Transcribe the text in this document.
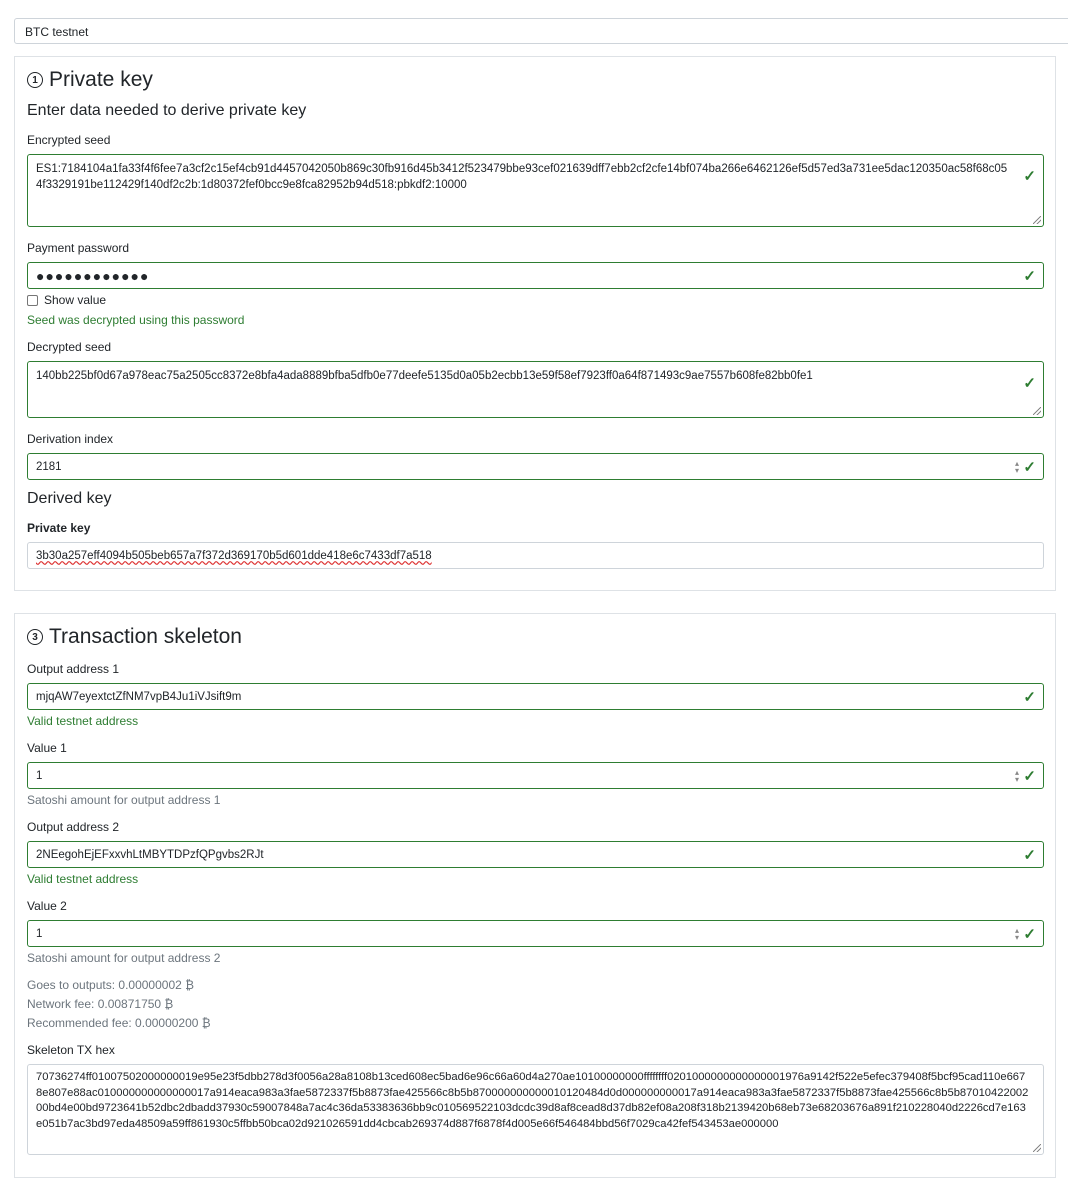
BTC testnet
1 Private key
Enter data needed to derive private key
Encrypted seed
ES1:7184104a1fa33f4f6fee7a3cf2c15ef4cb91d4457042050b869c30fb916d45b3412f523479bbe93cef021639dff7ebb2cf2cfe14bf074ba266e6462126ef5d57ed3a731ee5dac120350ac58f68c054f3329191be112429f140df2c2b:1d80372fef0bcc9e8fca82952b94d518:pbkdf2:10000	✓
Payment password
●●●●●●●●●●●●	✓
Show value
Seed was decrypted using this password
Decrypted seed
140bb225bf0d67a978eac75a2505cc8372e8bfa4ada8889bfba5dfb0e77deefe5135d0a05b2ecbb13e59f58ef7923ff0a64f871493c9ae7557b608fe82bb0fe1	✓
Derivation index
2181	▴
▾ ✓
Derived key
Private key
3b30a257eff4094b505beb657a7f372d369170b5d601dde418e6c7433df7a518
3 Transaction skeleton
Output address 1
mjqAW7eyextctZfNM7vpB4Ju1iVJsift9m	✓
Valid testnet address
Value 1
1	▴
▾ ✓
Satoshi amount for output address 1
Output address 2
2NEegohEjEFxxvhLtMBYTDPzfQPgvbs2RJt	✓
Valid testnet address
Value 2
1	▴
▾ ✓
Satoshi amount for output address 2
Goes to outputs: 0.00000002 ₿
Network fee: 0.00871750 ₿
Recommended fee: 0.00000200 ₿
Skeleton TX hex
70736274ff01007502000000019e95e23f5dbb278d3f0056a28a8108b13ced608ec5bad6e96c66a60d4a270ae10100000000ffffffff0201000000000000001976a9142f522e5efec379408f5bcf95cad110e6678e807e88ac010000000000000017a914eaca983a3fae5872337f5b8873fae425566c8b5b870000000000010120484d0d000000000017a914eaca983a3fae5872337f5b8873fae425566c8b5b8701042200200bd4e00bd9723641b52dbc2dbadd37930c59007848a7ac4c36da53383636bb9c010569522103dcdc39d8af8cead8d37db82ef08a208f318b2139420b68eb73e68203676a891f210228040d2226cd7e163e051b7ac3bd97eda48509a59ff861930c5ffbb50bca02d921026591dd4cbcab269374d887f6878f4d005e66f546484bbd56f7029ca42fef543453ae000000
